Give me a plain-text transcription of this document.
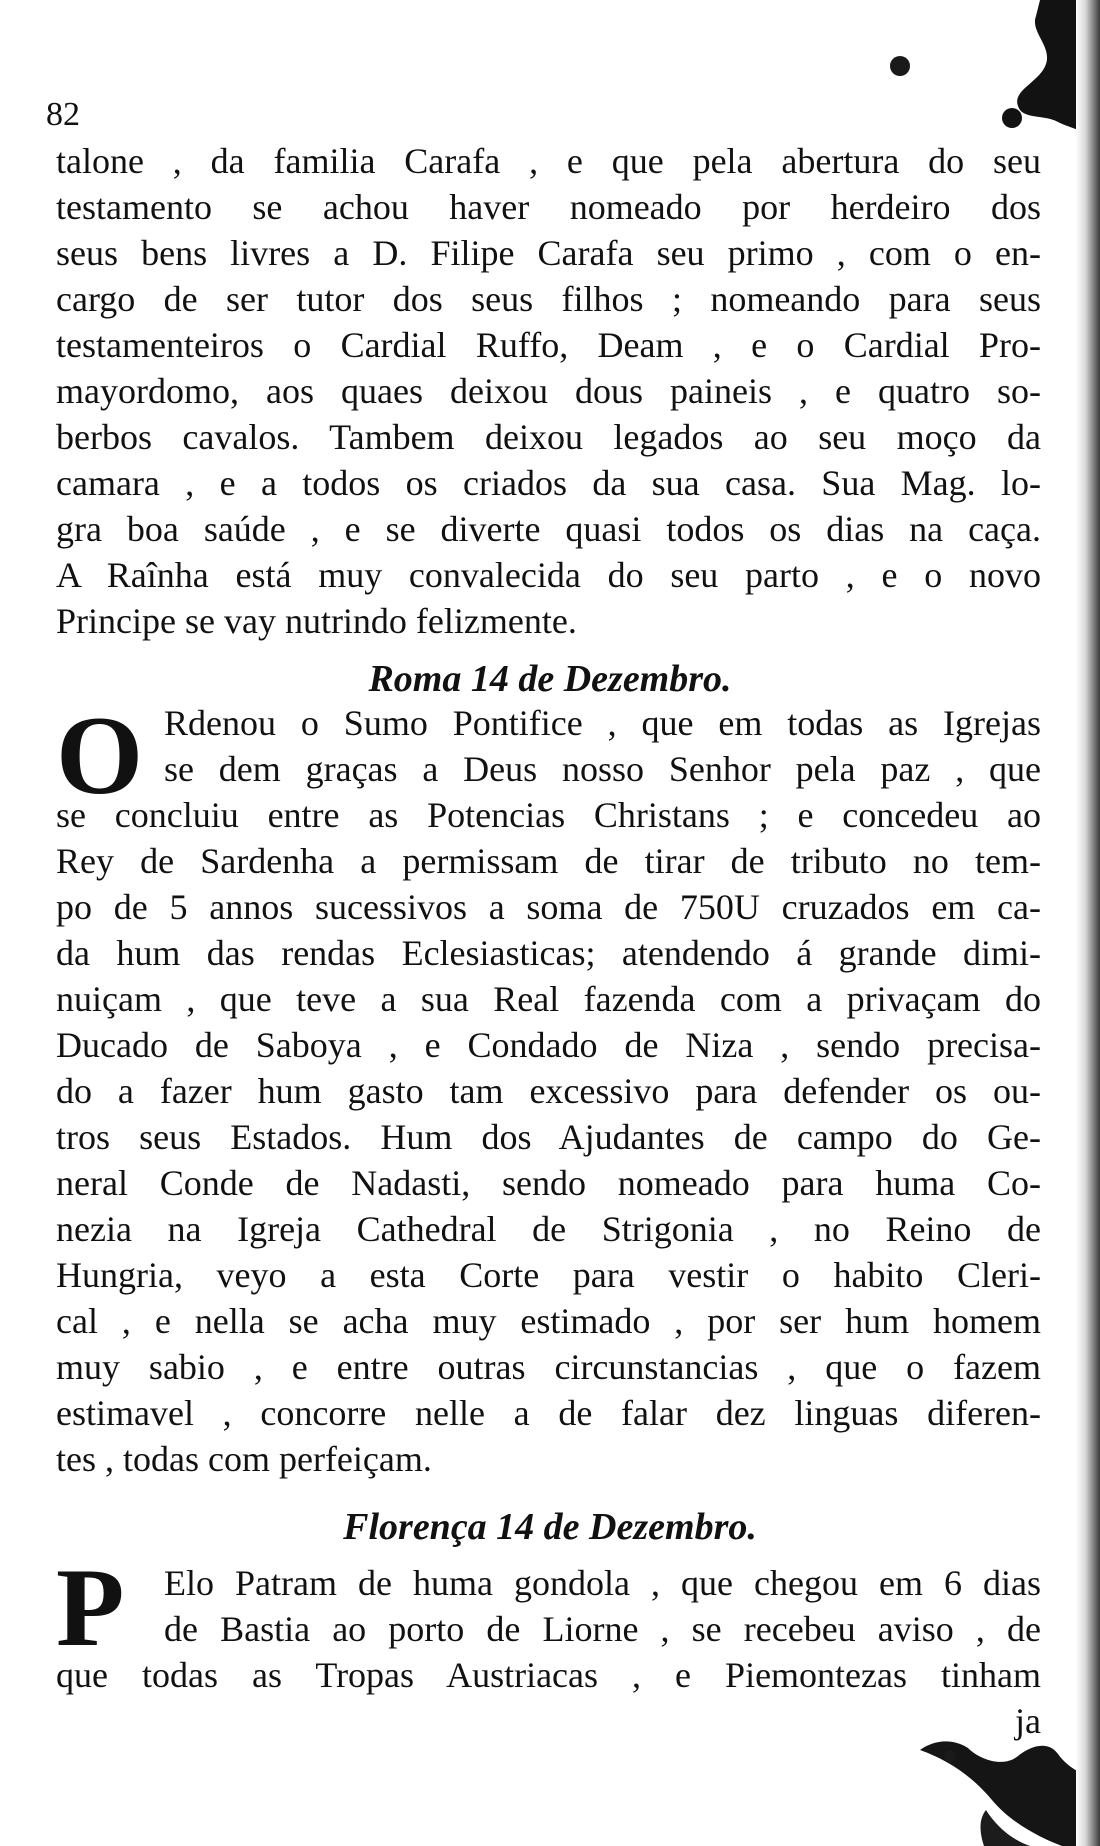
82
talone , da familia Carafa , e que pela abertura do seu
testamento se achou haver nomeado por herdeiro dos
seus bens livres a D. Filipe Carafa seu primo , com o en-
cargo de ser tutor dos seus filhos ; nomeando para seus
testamenteiros o Cardial Ruffo, Deam , e o Cardial Pro-
mayordomo, aos quaes deixou dous paineis , e quatro so-
berbos cavalos. Tambem deixou legados ao seu moço da
camara , e a todos os criados da sua casa. Sua Mag. lo-
gra boa saúde , e se diverte quasi todos os dias na caça.
A Raînha está muy convalecida do seu parto , e o novo
Principe se vay nutrindo felizmente.
Roma 14 de Dezembro.
O Rdenou o Sumo Pontifice , que em todas as Igrejas
se dem graças a Deus nosso Senhor pela paz , que
se concluiu entre as Potencias Christans ; e concedeu ao
Rey de Sardenha a permissam de tirar de tributo no tem-
po de 5 annos sucessivos a soma de 750U cruzados em ca-
da hum das rendas Eclesiasticas; atendendo á grande dimi-
nuiçam , que teve a sua Real fazenda com a privaçam do
Ducado de Saboya , e Condado de Niza , sendo precisa-
do a fazer hum gasto tam excessivo para defender os ou-
tros seus Estados. Hum dos Ajudantes de campo do Ge-
neral Conde de Nadasti, sendo nomeado para huma Co-
nezia na Igreja Cathedral de Strigonia , no Reino de
Hungria, veyo a esta Corte para vestir o habito Cleri-
cal , e nella se acha muy estimado , por ser hum homem
muy sabio , e entre outras circunstancias , que o fazem
estimavel , concorre nelle a de falar dez linguas diferen-
tes , todas com perfeiçam.
Florença 14 de Dezembro.
P	Elo Patram de huma gondola , que chegou em 6 dias
de Bastia ao porto de Liorne , se recebeu aviso , de
que todas as Tropas Austriacas , e Piemontezas tinham
ja
